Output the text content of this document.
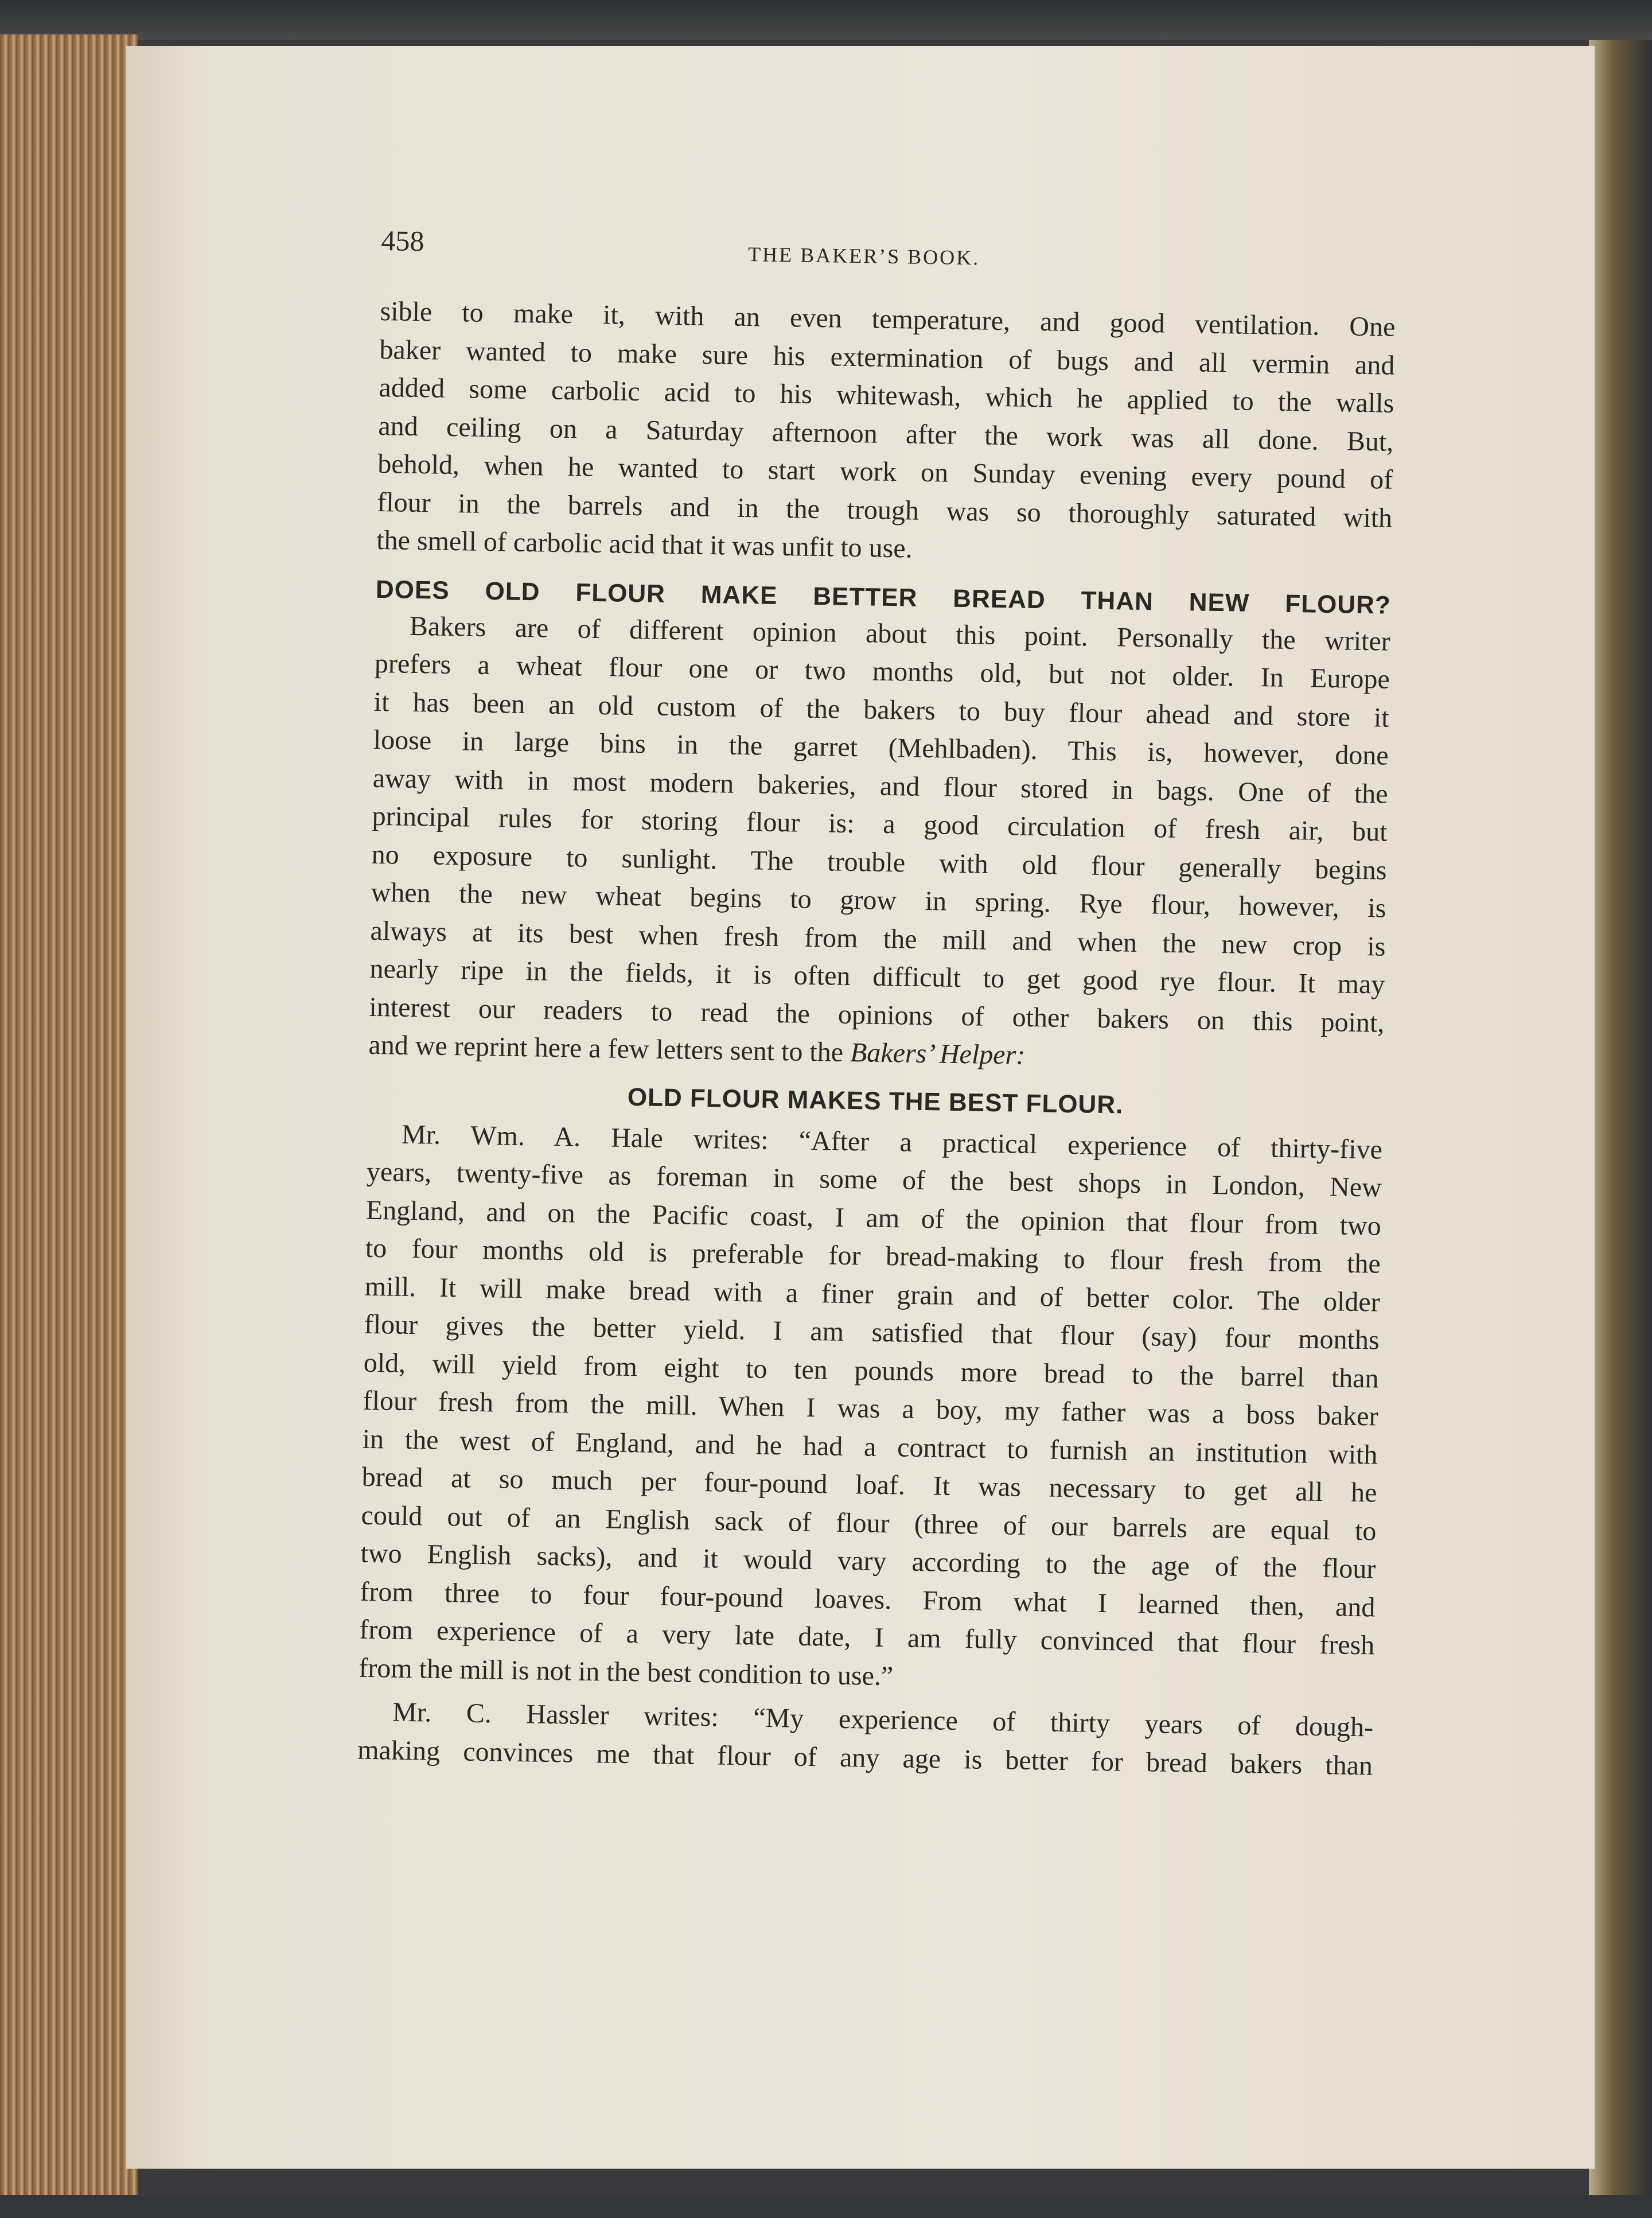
458	THE BAKER’S BOOK.
sible to make it, with an even temperature, and good ventilation. One
baker wanted to make sure his extermination of bugs and all vermin and
added some carbolic acid to his whitewash, which he applied to the walls
and ceiling on a Saturday afternoon after the work was all done. But,
behold, when he wanted to start work on Sunday evening every pound of
flour in the barrels and in the trough was so thoroughly saturated with
the smell of carbolic acid that it was unfit to use.
DOES OLD FLOUR MAKE BETTER BREAD THAN NEW FLOUR?
Bakers are of different opinion about this point. Personally the writer
prefers a wheat flour one or two months old, but not older. In Europe
it has been an old custom of the bakers to buy flour ahead and store it
loose in large bins in the garret (Mehlbaden). This is, however, done
away with in most modern bakeries, and flour stored in bags. One of the
principal rules for storing flour is: a good circulation of fresh air, but
no exposure to sunlight. The trouble with old flour generally begins
when the new wheat begins to grow in spring. Rye flour, however, is
always at its best when fresh from the mill and when the new crop is
nearly ripe in the fields, it is often difficult to get good rye flour. It may
interest our readers to read the opinions of other bakers on this point,
and we reprint here a few letters sent to the Bakers’ Helper:
OLD FLOUR MAKES THE BEST FLOUR.
Mr. Wm. A. Hale writes: “After a practical experience of thirty-five
years, twenty-five as foreman in some of the best shops in London, New
England, and on the Pacific coast, I am of the opinion that flour from two
to four months old is preferable for bread-making to flour fresh from the
mill. It will make bread with a finer grain and of better color. The older
flour gives the better yield. I am satisfied that flour (say) four months
old, will yield from eight to ten pounds more bread to the barrel than
flour fresh from the mill. When I was a boy, my father was a boss baker
in the west of England, and he had a contract to furnish an institution with
bread at so much per four-pound loaf. It was necessary to get all he
could out of an English sack of flour (three of our barrels are equal to
two English sacks), and it would vary according to the age of the flour
from three to four four-pound loaves. From what I learned then, and
from experience of a very late date, I am fully convinced that flour fresh
from the mill is not in the best condition to use.”
Mr. C. Hassler writes: “My experience of thirty years of dough-
making convinces me that flour of any age is better for bread bakers than
